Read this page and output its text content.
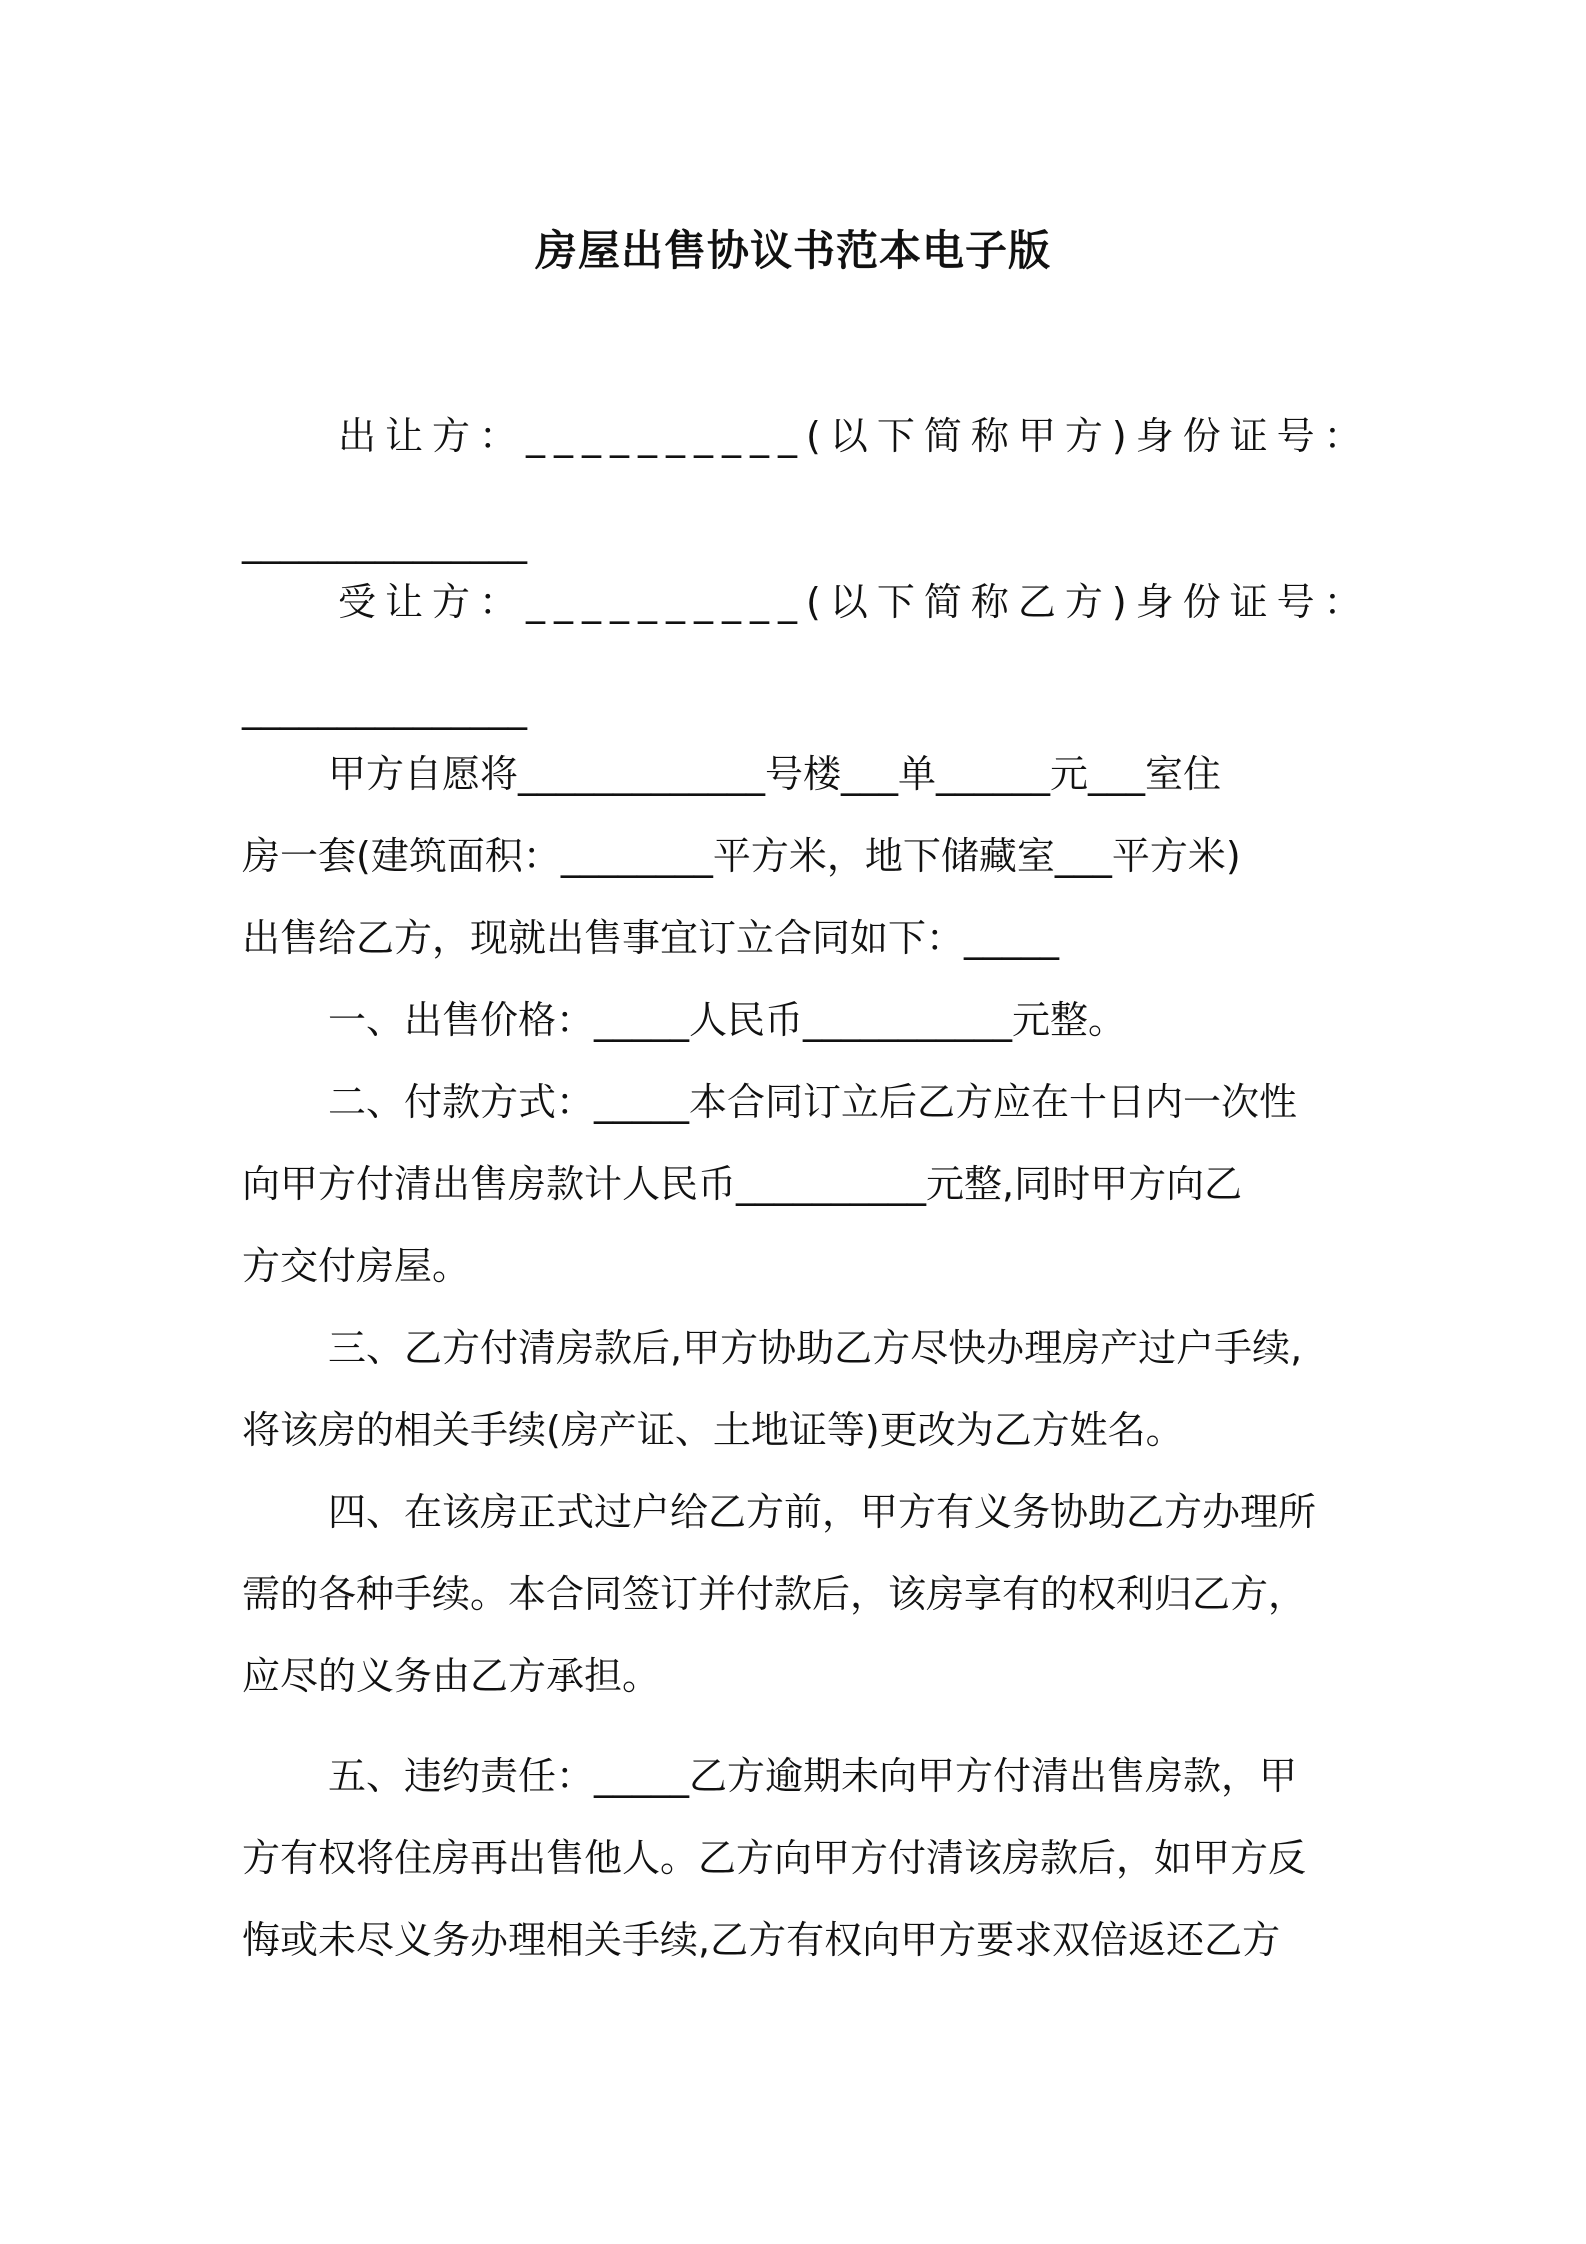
房屋出售协议书范本电子版

出让方：__________(以下简称甲方)身份证号：

_______________

受让方：__________(以下简称乙方)身份证号：

_______________

甲方自愿将_____________号楼___单______元___室住

房一套(建筑面积：________平方米，地下储藏室___平方米)

出售给乙方，现就出售事宜订立合同如下：_____

一、出售价格：_____人民币___________元整。

二、付款方式：_____本合同订立后乙方应在十日内一次性

向甲方付清出售房款计人民币__________元整,同时甲方向乙

方交付房屋。

三、乙方付清房款后,甲方协助乙方尽快办理房产过户手续,

将该房的相关手续(房产证、土地证等)更改为乙方姓名。

四、在该房正式过户给乙方前，甲方有义务协助乙方办理所

需的各种手续。本合同签订并付款后，该房享有的权利归乙方，

应尽的义务由乙方承担。

五、违约责任：_____乙方逾期未向甲方付清出售房款，甲

方有权将住房再出售他人。乙方向甲方付清该房款后，如甲方反

悔或未尽义务办理相关手续,乙方有权向甲方要求双倍返还乙方
